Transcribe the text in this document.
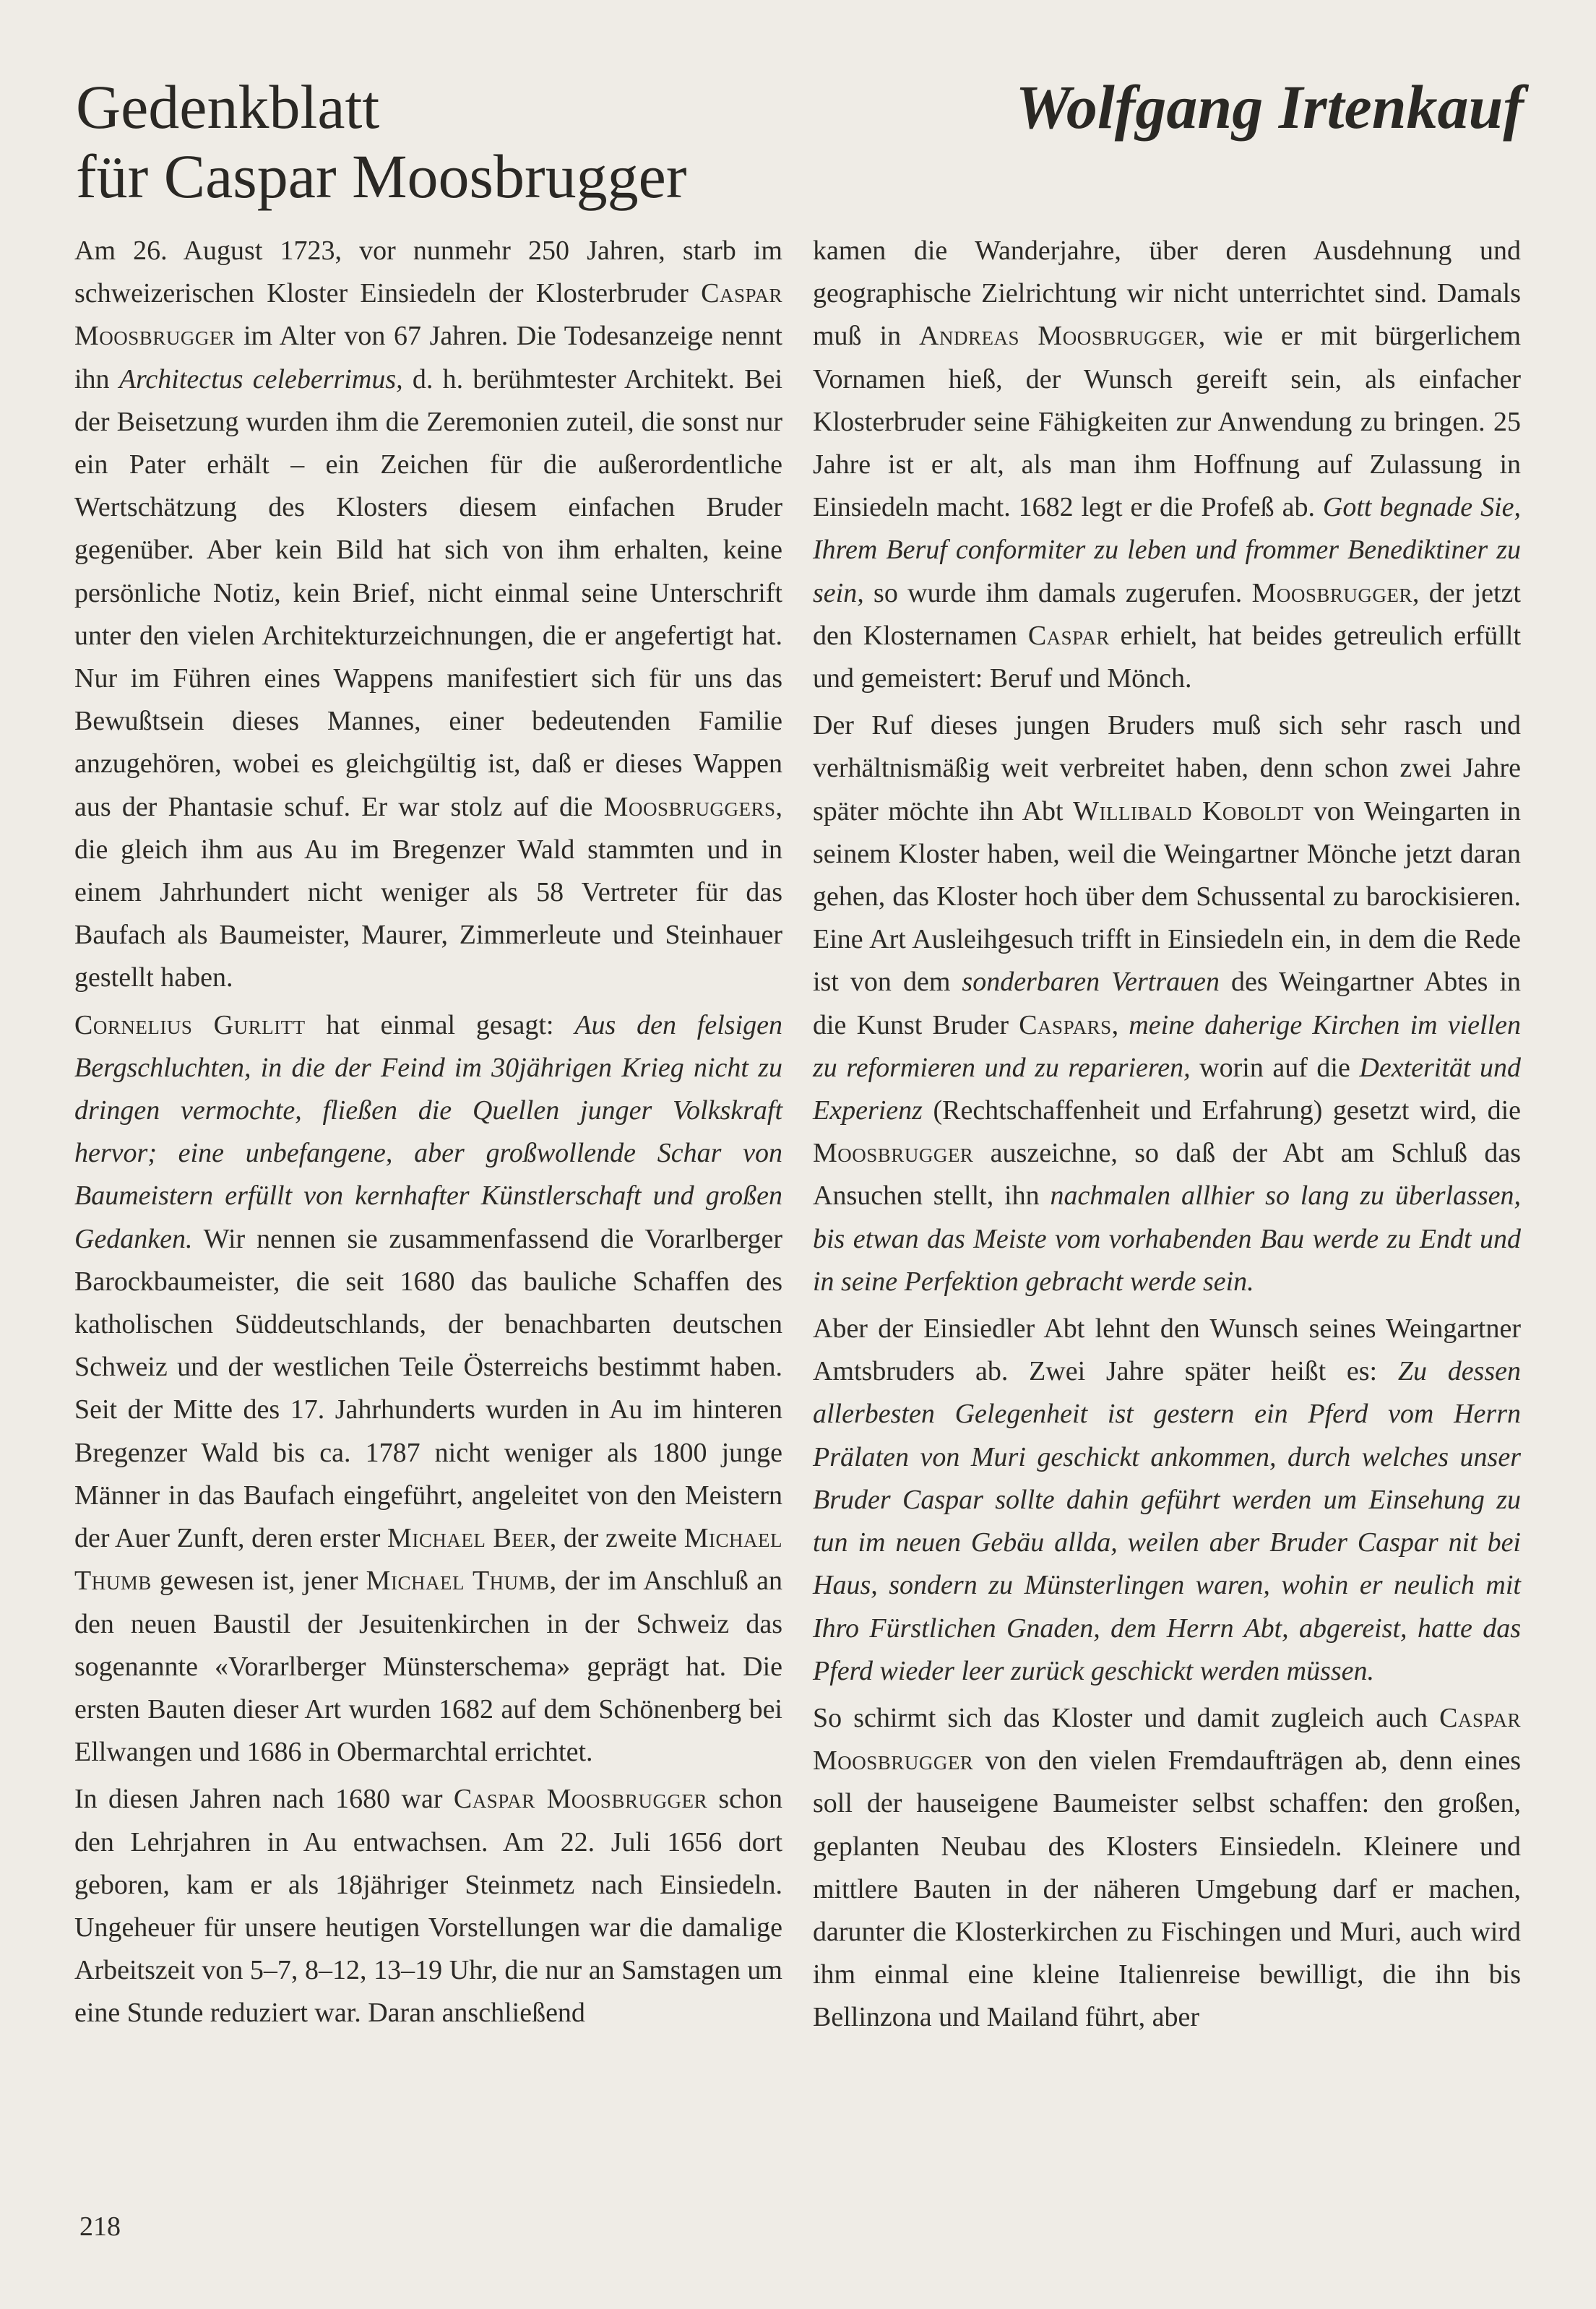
Gedenkblatt
für Caspar Moosbrugger
Wolfgang Irtenkauf

Am 26. August 1723, vor nunmehr 250 Jahren, starb im schweizerischen Kloster Einsiedeln der Klosterbruder Caspar Moosbrugger im Alter von 67 Jahren. Die Todesanzeige nennt ihn Architectus celeberrimus, d. h. berühmtester Architekt. Bei der Beisetzung wurden ihm die Zeremonien zuteil, die sonst nur ein Pater erhält – ein Zeichen für die außerordentliche Wertschätzung des Klosters diesem einfachen Bruder gegenüber. Aber kein Bild hat sich von ihm erhalten, keine persönliche Notiz, kein Brief, nicht einmal seine Unterschrift unter den vielen Architekturzeichnungen, die er angefertigt hat. Nur im Führen eines Wappens manifestiert sich für uns das Bewußtsein dieses Mannes, einer bedeutenden Familie anzugehören, wobei es gleichgültig ist, daß er dieses Wappen aus der Phantasie schuf. Er war stolz auf die Moosbruggers, die gleich ihm aus Au im Bregenzer Wald stammten und in einem Jahrhundert nicht weniger als 58 Vertreter für das Baufach als Baumeister, Maurer, Zimmerleute und Steinhauer gestellt haben.

Cornelius Gurlitt hat einmal gesagt: Aus den felsigen Bergschluchten, in die der Feind im 30jährigen Krieg nicht zu dringen vermochte, fließen die Quellen junger Volkskraft hervor; eine unbefangene, aber großwollende Schar von Baumeistern erfüllt von kernhafter Künstlerschaft und großen Gedanken. Wir nennen sie zusammenfassend die Vorarlberger Barockbaumeister, die seit 1680 das bauliche Schaffen des katholischen Süddeutschlands, der benachbarten deutschen Schweiz und der westlichen Teile Österreichs bestimmt haben. Seit der Mitte des 17. Jahrhunderts wurden in Au im hinteren Bregenzer Wald bis ca. 1787 nicht weniger als 1800 junge Männer in das Baufach eingeführt, angeleitet von den Meistern der Auer Zunft, deren erster Michael Beer, der zweite Michael Thumb gewesen ist, jener Michael Thumb, der im Anschluß an den neuen Baustil der Jesuitenkirchen in der Schweiz das sogenannte «Vorarlberger Münsterschema» geprägt hat. Die ersten Bauten dieser Art wurden 1682 auf dem Schönenberg bei Ellwangen und 1686 in Obermarchtal errichtet.

In diesen Jahren nach 1680 war Caspar Moosbrugger schon den Lehrjahren in Au entwachsen. Am 22. Juli 1656 dort geboren, kam er als 18jähriger Steinmetz nach Einsiedeln. Ungeheuer für unsere heutigen Vorstellungen war die damalige Arbeitszeit von 5–7, 8–12, 13–19 Uhr, die nur an Samstagen um eine Stunde reduziert war. Daran anschließend

kamen die Wanderjahre, über deren Ausdehnung und geographische Zielrichtung wir nicht unterrichtet sind. Damals muß in Andreas Moosbrugger, wie er mit bürgerlichem Vornamen hieß, der Wunsch gereift sein, als einfacher Klosterbruder seine Fähigkeiten zur Anwendung zu bringen. 25 Jahre ist er alt, als man ihm Hoffnung auf Zulassung in Einsiedeln macht. 1682 legt er die Profeß ab. Gott begnade Sie, Ihrem Beruf conformiter zu leben und frommer Benediktiner zu sein, so wurde ihm damals zugerufen. Moosbrugger, der jetzt den Klosternamen Caspar erhielt, hat beides getreulich erfüllt und gemeistert: Beruf und Mönch.

Der Ruf dieses jungen Bruders muß sich sehr rasch und verhältnismäßig weit verbreitet haben, denn schon zwei Jahre später möchte ihn Abt Willibald Koboldt von Weingarten in seinem Kloster haben, weil die Weingartner Mönche jetzt daran gehen, das Kloster hoch über dem Schussental zu barockisieren. Eine Art Ausleihgesuch trifft in Einsiedeln ein, in dem die Rede ist von dem sonderbaren Vertrauen des Weingartner Abtes in die Kunst Bruder Caspars, meine daherige Kirchen im viellen zu reformieren und zu reparieren, worin auf die Dexterität und Experienz (Rechtschaffenheit und Erfahrung) gesetzt wird, die Moosbrugger auszeichne, so daß der Abt am Schluß das Ansuchen stellt, ihn nachmalen allhier so lang zu überlassen, bis etwan das Meiste vom vorhabenden Bau werde zu Endt und in seine Perfektion gebracht werde sein.

Aber der Einsiedler Abt lehnt den Wunsch seines Weingartner Amtsbruders ab. Zwei Jahre später heißt es: Zu dessen allerbesten Gelegenheit ist gestern ein Pferd vom Herrn Prälaten von Muri geschickt ankommen, durch welches unser Bruder Caspar sollte dahin geführt werden um Einsehung zu tun im neuen Gebäu allda, weilen aber Bruder Caspar nit bei Haus, sondern zu Münsterlingen waren, wohin er neulich mit Ihro Fürstlichen Gnaden, dem Herrn Abt, abgereist, hatte das Pferd wieder leer zurück geschickt werden müssen.

So schirmt sich das Kloster und damit zugleich auch Caspar Moosbrugger von den vielen Fremdaufträgen ab, denn eines soll der hauseigene Baumeister selbst schaffen: den großen, geplanten Neubau des Klosters Einsiedeln. Kleinere und mittlere Bauten in der näheren Umgebung darf er machen, darunter die Klosterkirchen zu Fischingen und Muri, auch wird ihm einmal eine kleine Italienreise bewilligt, die ihn bis Bellinzona und Mailand führt, aber

218
